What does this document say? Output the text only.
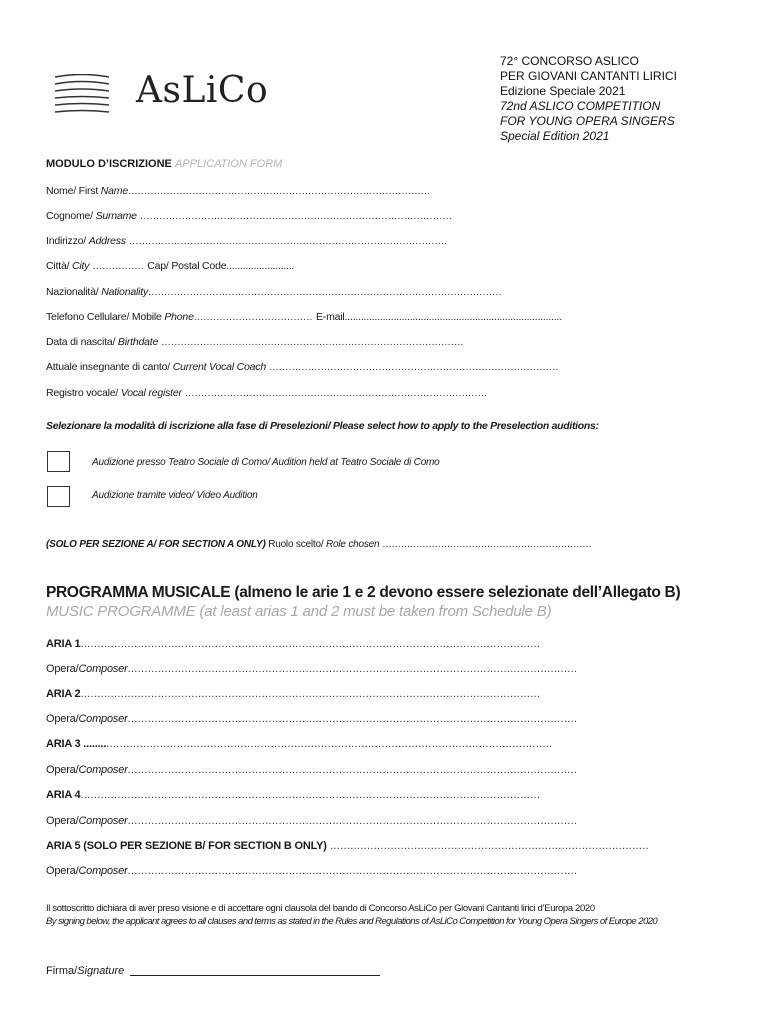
AsLiCo
72° CONCORSO ASLICO
PER GIOVANI CANTANTI LIRICI
Edizione Speciale 2021
72nd ASLICO COMPETITION
FOR YOUNG OPERA SINGERS
Special Edition 2021
MODULO D’ISCRIZIONE APPLICATION FORM
Nome/ First Name..............................................................................................
Cognome/ Surname .................................................................................................
Indirizzo/ Address ...................................................................................................
Città/ City ................ Cap/ Postal Code.........................
Nazionalità/ Nationality..............................................................................................................
Telefono Cellulare/ Mobile Phone..................................... E-mail................................................................................
Data di nascita/ Birthdate ..............................................................................................
Attuale insegnante di canto/ Current Vocal Coach ..........................................................................................
Registro vocale/ Vocal register ..............................................................................................
Selezionare la modalità di iscrizione alla fase di Preselezioni/ Please select how to apply to the Preselection auditions:
Audizione presso Teatro Sociale di Como/ Audition held at Teatro Sociale di Como
Audizione tramite video/ Video Audition
(SOLO PER SEZIONE A/ FOR SECTION A ONLY) Ruolo scelto/ Role chosen ....................................................................
PROGRAMMA MUSICALE (almeno le arie 1 e 2 devono essere selezionate dell’Allegato B)
MUSIC PROGRAMME (at least arias 1 and 2 must be taken from Schedule B)
ARIA 1.........................................................................................................................................
Opera/Composer......................................................................................................................................
ARIA 2.........................................................................................................................................
Opera/Composer......................................................................................................................................
ARIA 3 .............................................................................................................................................
Opera/Composer......................................................................................................................................
ARIA 4.........................................................................................................................................
Opera/Composer......................................................................................................................................
ARIA 5 (SOLO PER SEZIONE B/ FOR SECTION B ONLY) ...............................................................................................
Opera/Composer......................................................................................................................................
Il sottoscritto dichiara di aver preso visione e di accettare ogni clausola del bando di Concorso AsLiCo per Giovani Cantanti lirici d’Europa 2020
By signing below, the applicant agrees to all clauses and terms as stated in the Rules and Regulations of AsLiCo Competition for Young Opera Singers of Europe 2020
Firma/Signature
